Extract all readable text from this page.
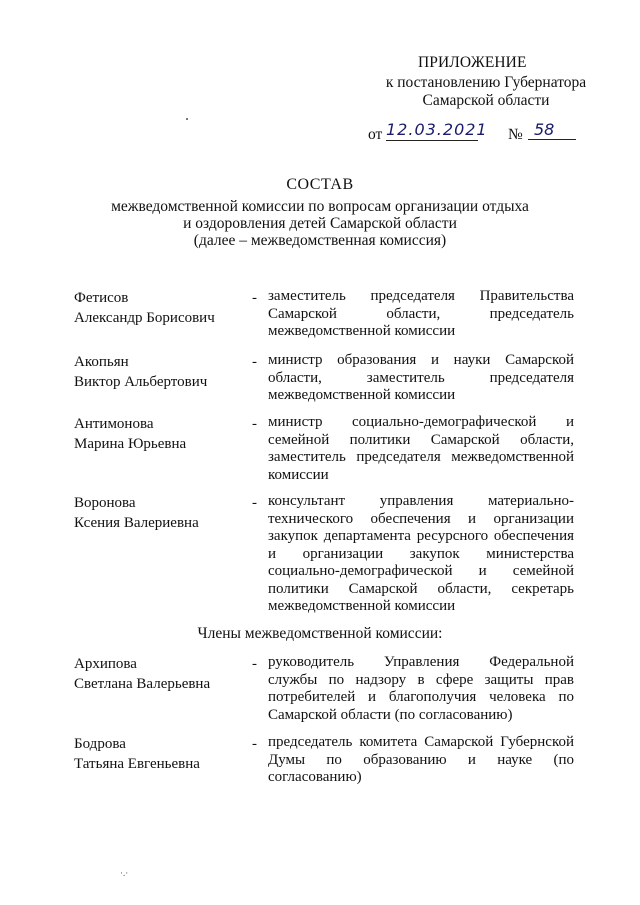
ПРИЛОЖЕНИЕ
к постановлению Губернатора
Самарской области
от 12.03.2021 № 58
СОСТАВ
межведомственной комиссии по вопросам организации отдыха
и оздоровления детей Самарской области
(далее – межведомственная комиссия)
Фетисов
Александр Борисович
- заместитель председателя Правительства Самарской области, председатель межведомственной комиссии
Акопьян
Виктор Альбертович
- министр образования и науки Самарской области, заместитель председателя межведомственной комиссии
Антимонова
Марина Юрьевна
- министр социально-демографической и семейной политики Самарской области, заместитель председателя межведомственной комиссии
Воронова
Ксения Валериевна
- консультант управления материально-технического обеспечения и организации закупок департамента ресурсного обеспечения и организации закупок министерства социально-демографической и семейной политики Самарской области, секретарь межведомственной комиссии
Члены межведомственной комиссии:
Архипова
Светлана Валерьевна
- руководитель Управления Федеральной службы по надзору в сфере защиты прав потребителей и благополучия человека по Самарской области (по согласованию)
Бодрова
Татьяна Евгеньевна
- председатель комитета Самарской Губернской Думы по образованию и науке (по согласованию)
·.·
